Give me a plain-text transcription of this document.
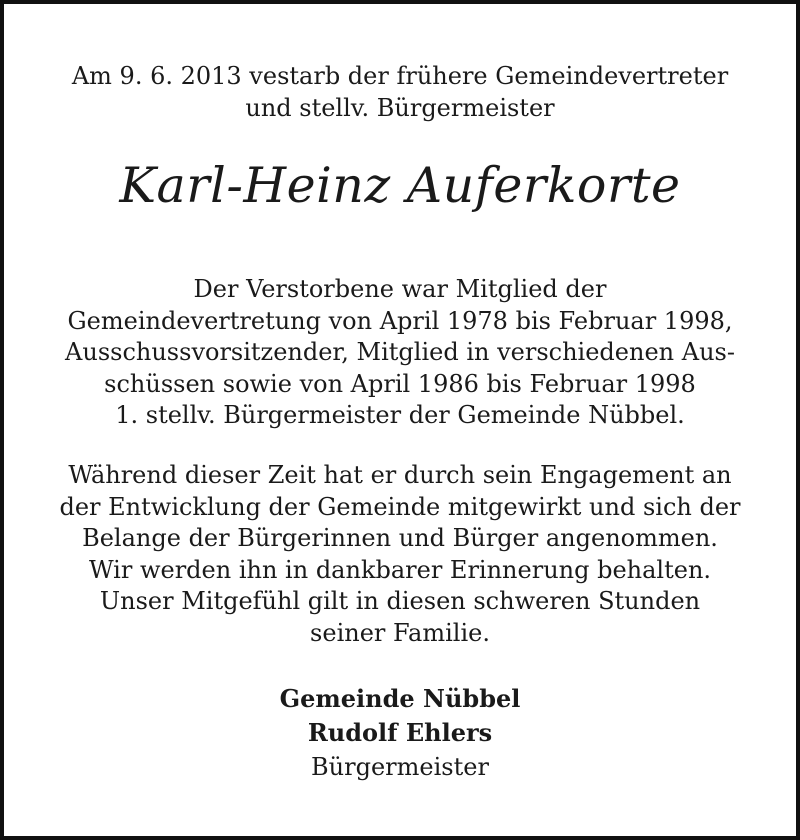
Am 9. 6. 2013 vestarb der frühere Gemeindevertreter
und stellv. Bürgermeister
Karl-Heinz Auferkorte
Der Verstorbene war Mitglied der
Gemeindevertretung von April 1978 bis Februar 1998,
Ausschussvorsitzender, Mitglied in verschiedenen Aus-
schüssen sowie von April 1986 bis Februar 1998
1. stellv. Bürgermeister der Gemeinde Nübbel.
Während dieser Zeit hat er durch sein Engagement an
der Entwicklung der Gemeinde mitgewirkt und sich der
Belange der Bürgerinnen und Bürger angenommen.
Wir werden ihn in dankbarer Erinnerung behalten.
Unser Mitgefühl gilt in diesen schweren Stunden
seiner Familie.
Gemeinde Nübbel
Rudolf Ehlers
Bürgermeister
